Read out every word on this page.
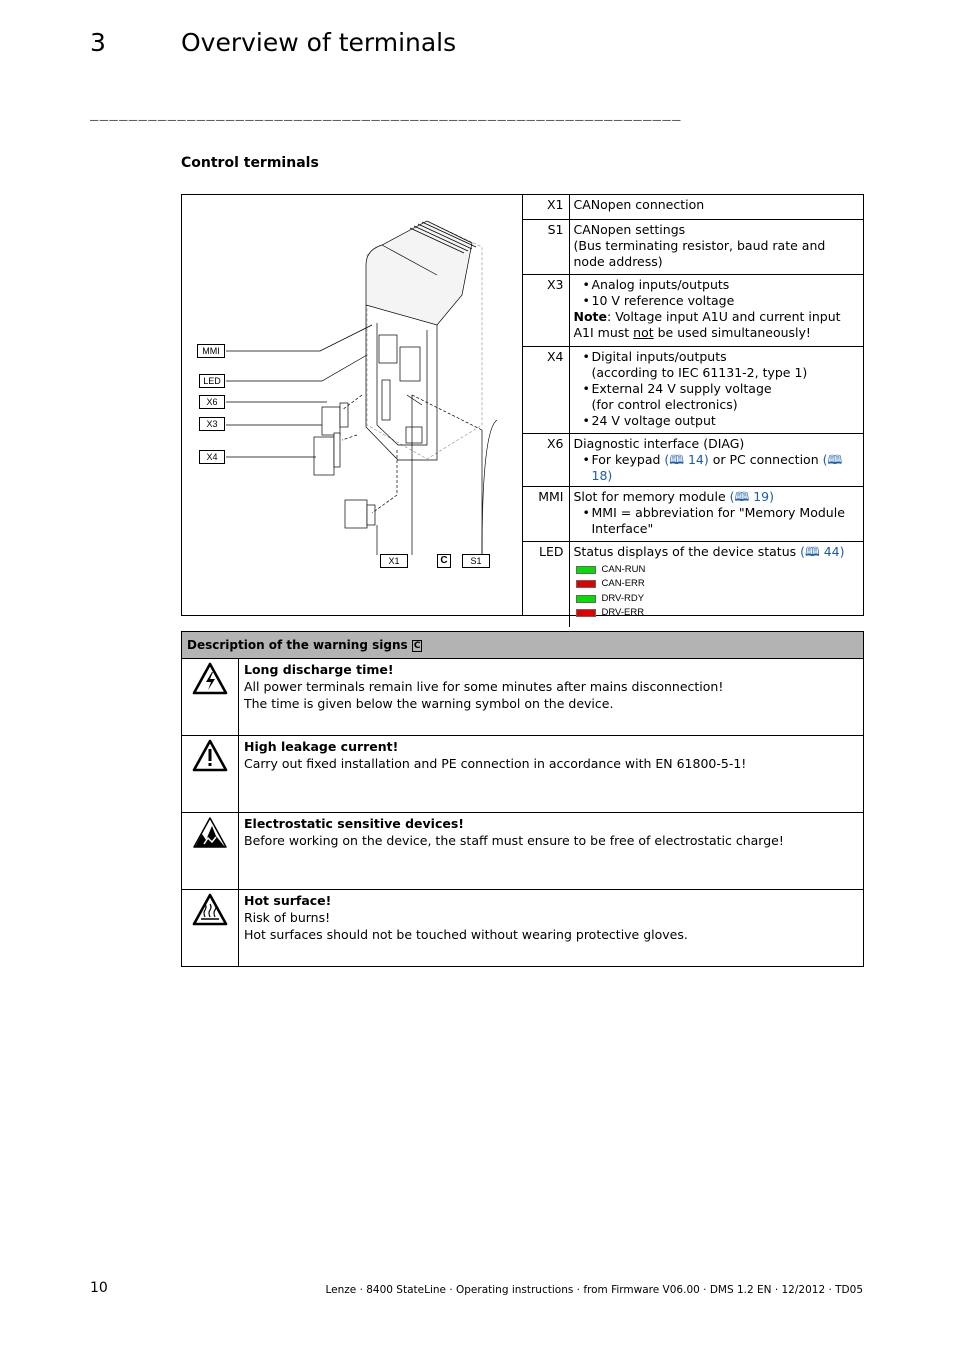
3	Overview of terminals
_____________________________________________________________
Control terminals
MMI
LED
X6
X3
X4
X1	C	S1
X1	CANopen connection
S1	CANopen settings
(Bus terminating resistor, baud rate and node address)

X3	• Analog inputs/outputs
• 10 V reference voltage
Note: Voltage input A1U and current input A1I must not be used simultaneously!

X4	• Digital inputs/outputs
(according to IEC 61131-2, type 1)
• External 24 V supply voltage
(for control electronics)
• 24 V voltage output

X6	Diagnostic interface (DIAG)
• For keypad (🕮 14) or PC connection (🕮 18)

MMI	Slot for memory module (🕮 19)
• MMI = abbreviation for "Memory Module Interface"

LED	Status displays of the device status (🕮 44)
CAN-RUN
CAN-ERR
DRV-RDY
DRV-ERR
Description of the warning signs C	

Long discharge time!
All power terminals remain live for some minutes after mains disconnection!
The time is given below the warning symbol on the device.

High leakage current!
Carry out fixed installation and PE connection in accordance with EN 61800-5-1!

Electrostatic sensitive devices!
Before working on the device, the staff must ensure to be free of electrostatic charge!

Hot surface!
Risk of burns!
Hot surfaces should not be touched without wearing protective gloves.
10	Lenze · 8400 StateLine · Operating instructions · from Firmware V06.00 · DMS 1.2 EN · 12/2012 · TD05
